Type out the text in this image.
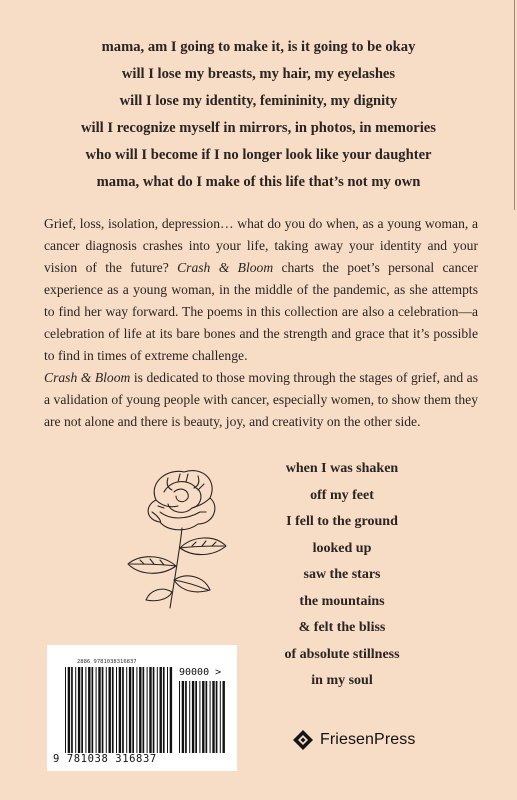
mama, am I going to make it, is it going to be okay
will I lose my breasts, my hair, my eyelashes
will I lose my identity, femininity, my dignity
will I recognize myself in mirrors, in photos, in memories
who will I become if I no longer look like your daughter
mama, what do I make of this life that’s not my own

Grief, loss, isolation, depression… what do you do when, as a young woman, a cancer diagnosis crashes into your life, taking away your identity and your vision of the future? Crash & Bloom charts the poet’s personal cancer experience as a young woman, in the middle of the pandemic, as she attempts to find her way forward. The poems in this collection are also a celebration—a celebration of life at its bare bones and the strength and grace that it’s possible to find in times of extreme challenge.

Crash & Bloom is dedicated to those moving through the stages of grief, and as a validation of young people with cancer, especially women, to show them they are not alone and there is beauty, joy, and creativity on the other side.

when I was shaken
off my feet
I fell to the ground
looked up
saw the stars
the mountains
& felt the bliss
of absolute stillness
in my soul
2886 9781038316837
90000 >
9 781038 316837
FriesenPress
